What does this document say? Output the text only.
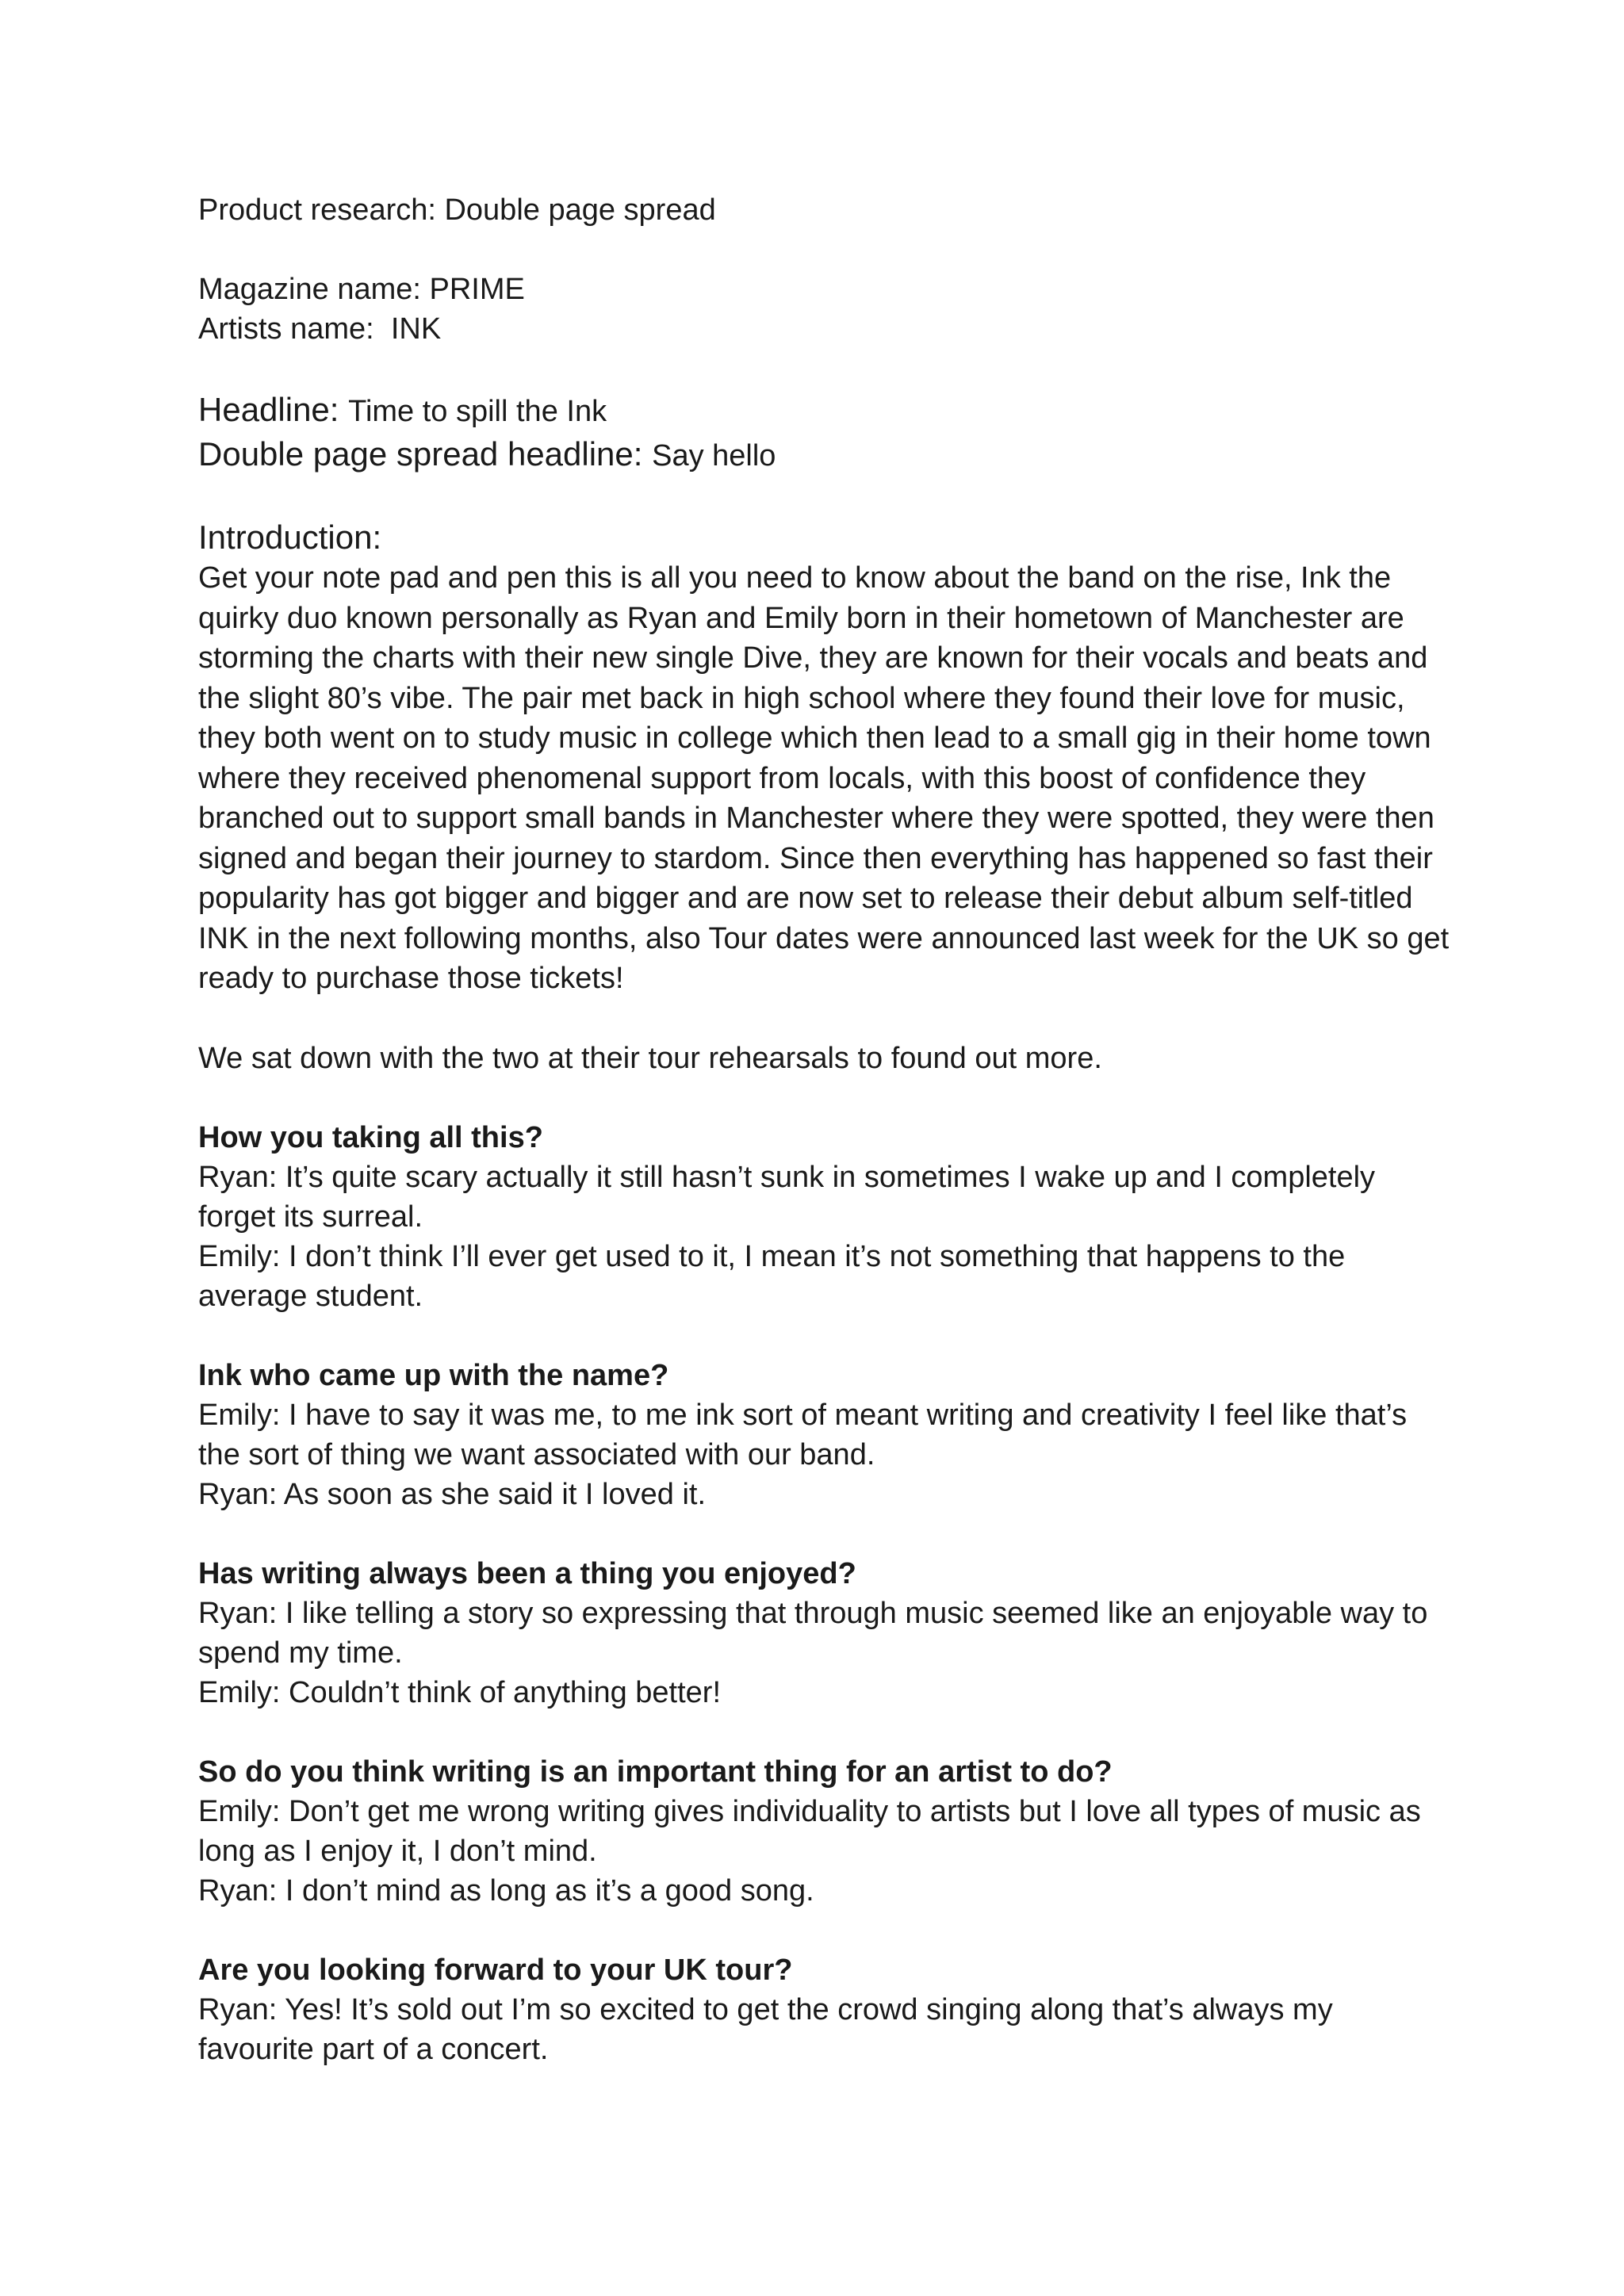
Product research: Double page spread

Magazine name: PRIME

Artists name: INK

Headline: Time to spill the Ink

Double page spread headline: Say hello

Introduction:

Get your note pad and pen this is all you need to know about the band on the rise, Ink the quirky duo known personally as Ryan and Emily born in their hometown of Manchester are storming the charts with their new single Dive, they are known for their vocals and beats and the slight 80’s vibe. The pair met back in high school where they found their love for music, they both went on to study music in college which then lead to a small gig in their home town where they received phenomenal support from locals, with this boost of confidence they branched out to support small bands in Manchester where they were spotted, they were then signed and began their journey to stardom. Since then everything has happened so fast their popularity has got bigger and bigger and are now set to release their debut album self-titled INK in the next following months, also Tour dates were announced last week for the UK so get ready to purchase those tickets!

We sat down with the two at their tour rehearsals to found out more.

How you taking all this?

Ryan: It’s quite scary actually it still hasn’t sunk in sometimes I wake up and I completely forget its surreal.

Emily: I don’t think I’ll ever get used to it, I mean it’s not something that happens to the average student.

Ink who came up with the name?

Emily: I have to say it was me, to me ink sort of meant writing and creativity I feel like that’s the sort of thing we want associated with our band.

Ryan: As soon as she said it I loved it.

Has writing always been a thing you enjoyed?

Ryan: I like telling a story so expressing that through music seemed like an enjoyable way to spend my time.

Emily: Couldn’t think of anything better!

So do you think writing is an important thing for an artist to do?

Emily: Don’t get me wrong writing gives individuality to artists but I love all types of music as long as I enjoy it, I don’t mind.

Ryan: I don’t mind as long as it’s a good song.

Are you looking forward to your UK tour?

Ryan: Yes! It’s sold out I’m so excited to get the crowd singing along that’s always my favourite part of a concert.
